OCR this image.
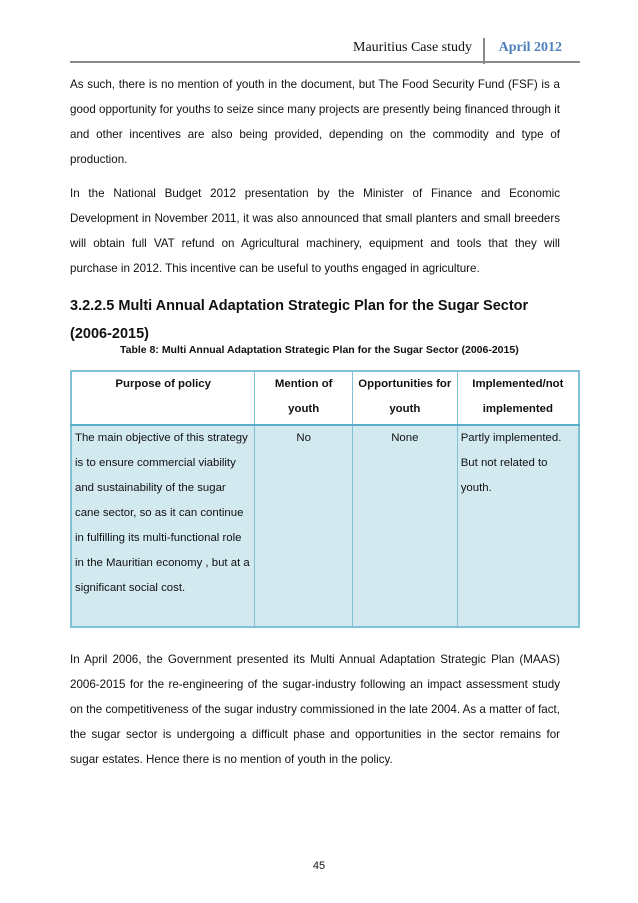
Mauritius Case study April 2012

As such, there is no mention of youth in the document, but The Food Security Fund (FSF) is a good opportunity for youths to seize since many projects are presently being financed through it and other incentives are also being provided, depending on the commodity and type of production.

In the National Budget 2012 presentation by the Minister of Finance and Economic Development in November 2011, it was also announced that small planters and small breeders will obtain full VAT refund on Agricultural machinery, equipment and tools that they will purchase in 2012. This incentive can be useful to youths engaged in agriculture.

3.2.2.5 Multi Annual Adaptation Strategic Plan for the Sugar Sector (2006-2015)
Table 8: Multi Annual Adaptation Strategic Plan for the Sugar Sector (2006-2015)
Purpose of policy	Mention of youth	Opportunities for youth	Implemented/not implemented
The main objective of this strategy is to ensure commercial viability and sustainability of the sugar cane sector, so as it can continue in fulfilling its multi-functional role in the Mauritian economy , but at a significant social cost.	No	None	Partly implemented. But not related to youth.

In April 2006, the Government presented its Multi Annual Adaptation Strategic Plan (MAAS) 2006-2015 for the re-engineering of the sugar-industry following an impact assessment study on the competitiveness of the sugar industry commissioned in the late 2004. As a matter of fact, the sugar sector is undergoing a difficult phase and opportunities in the sector remains for sugar estates. Hence there is no mention of youth in the policy.

45
